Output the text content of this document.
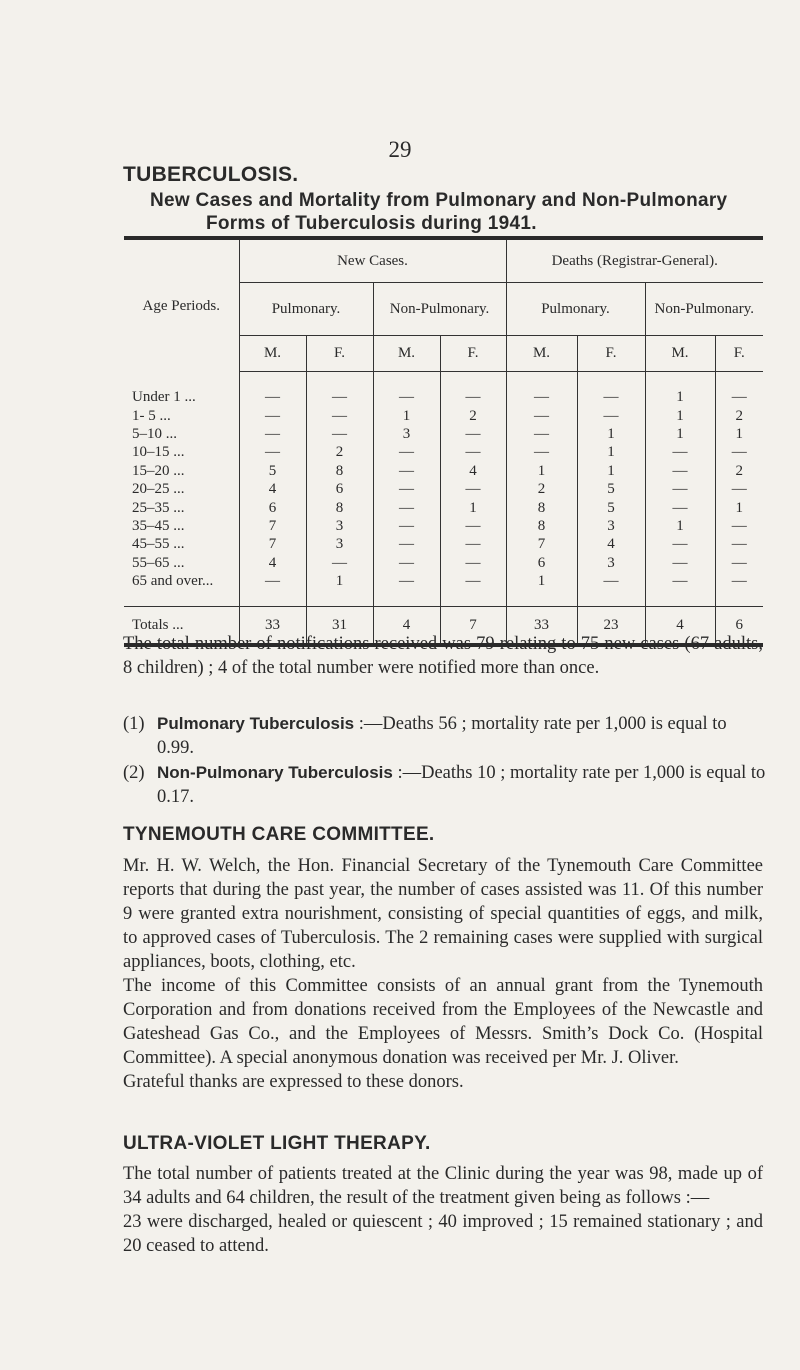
29
TUBERCULOSIS.
New Cases and Mortality from Pulmonary and Non-Pulmonary
Forms of Tuberculosis during 1941.
Age Periods.	New Cases.				Deaths (Registrar-General).			
	Pulmonary.		Non-Pulmonary.		Pulmonary.		Non-Pulmonary.	
	M.	F.	M.	F.	M.	F.	M.	F.

Under 1 ...	—	—	—	—	—	—	1	—
1- 5 ...	—	—	1	2	—	—	1	2
5–10 ...	—	—	3	—	—	1	1	1
10–15 ...	—	2	—	—	—	1	—	—
15–20 ...	5	8	—	4	1	1	—	2
20–25 ...	4	6	—	—	2	5	—	—
25–35 ...	6	8	—	1	8	5	—	1
35–45 ...	7	3	—	—	8	3	1	—
45–55 ...	7	3	—	—	7	4	—	—
55–65 ...	4	—	—	—	6	3	—	—
65 and over...	—	1	—	—	1	—	—	—

Totals ...	33	31	4	7	33	23	4	6
The total number of notifications received was 79 relating to 75 new cases (67 adults, 8 children) ; 4 of the total number were notified more than once.
(1) Pulmonary Tuberculosis :—Deaths 56 ; mortality rate per 1,000 is equal to 0.99.
(2) Non-Pulmonary Tuberculosis :—Deaths 10 ; mortality rate per 1,000 is equal to 0.17.
TYNEMOUTH CARE COMMITTEE.

Mr. H. W. Welch, the Hon. Financial Secretary of the Tynemouth Care Committee reports that during the past year, the number of cases assisted was 11. Of this number 9 were granted extra nourishment, consisting of special quantities of eggs, and milk, to approved cases of Tuberculosis. The 2 remaining cases were supplied with surgical appliances, boots, clothing, etc.

The income of this Committee consists of an annual grant from the Tynemouth Corporation and from donations received from the Employees of the Newcastle and Gateshead Gas Co., and the Employees of Messrs. Smith’s Dock Co. (Hospital Committee). A special anonymous donation was received per Mr. J. Oliver.

Grateful thanks are expressed to these donors.

ULTRA-VIOLET LIGHT THERAPY.

The total number of patients treated at the Clinic during the year was 98, made up of 34 adults and 64 children, the result of the treatment given being as follows :—

23 were discharged, healed or quiescent ; 40 improved ; 15 remained stationary ; and 20 ceased to attend.
